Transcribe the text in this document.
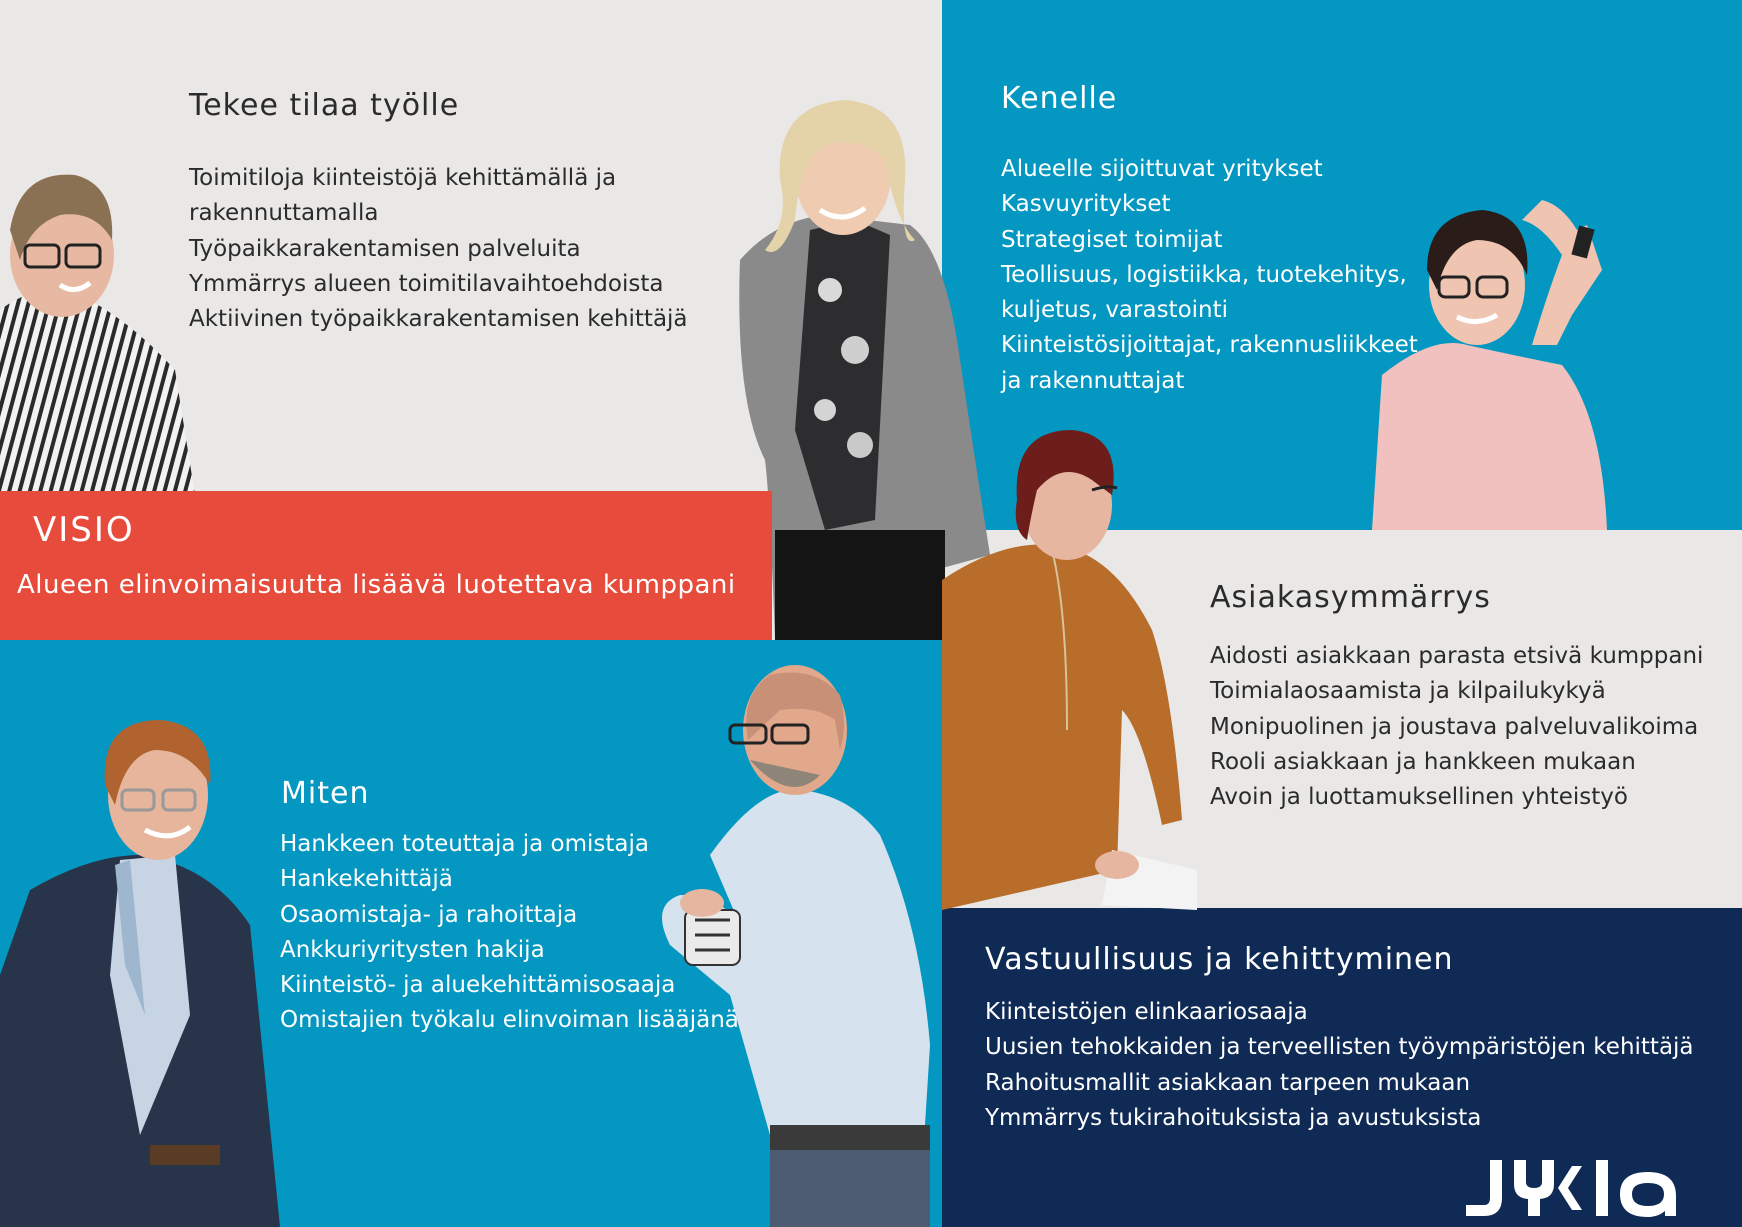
VISIO

Alueen elinvoimaisuutta lisäävä luotettava kumppani

Tekee tilaa työlle
Toimitiloja kiinteistöjä kehittämällä ja
rakennuttamalla
Työpaikkarakentamisen palveluita
Ymmärrys alueen toimitilavaihtoehdoista
Aktiivinen työpaikkarakentamisen kehittäjä
Kenelle
Alueelle sijoittuvat yritykset
Kasvuyritykset
Strategiset toimijat
Teollisuus, logistiikka, tuotekehitys,
kuljetus, varastointi
Kiinteistösijoittajat, rakennusliikkeet
ja rakennuttajat
Asiakasymmärrys
Aidosti asiakkaan parasta etsivä kumppani
Toimialaosaamista ja kilpailukykyä
Monipuolinen ja joustava palveluvalikoima
Rooli asiakkaan ja hankkeen mukaan
Avoin ja luottamuksellinen yhteistyö
Miten
Hankkeen toteuttaja ja omistaja
Hankekehittäjä
Osaomistaja- ja rahoittaja
Ankkuriyritysten hakija
Kiinteistö- ja aluekehittämisosaaja
Omistajien työkalu elinvoiman lisääjänä
Vastuullisuus ja kehittyminen
Kiinteistöjen elinkaariosaaja
Uusien tehokkaiden ja terveellisten työympäristöjen kehittäjä
Rahoitusmallit asiakkaan tarpeen mukaan
Ymmärrys tukirahoituksista ja avustuksista
